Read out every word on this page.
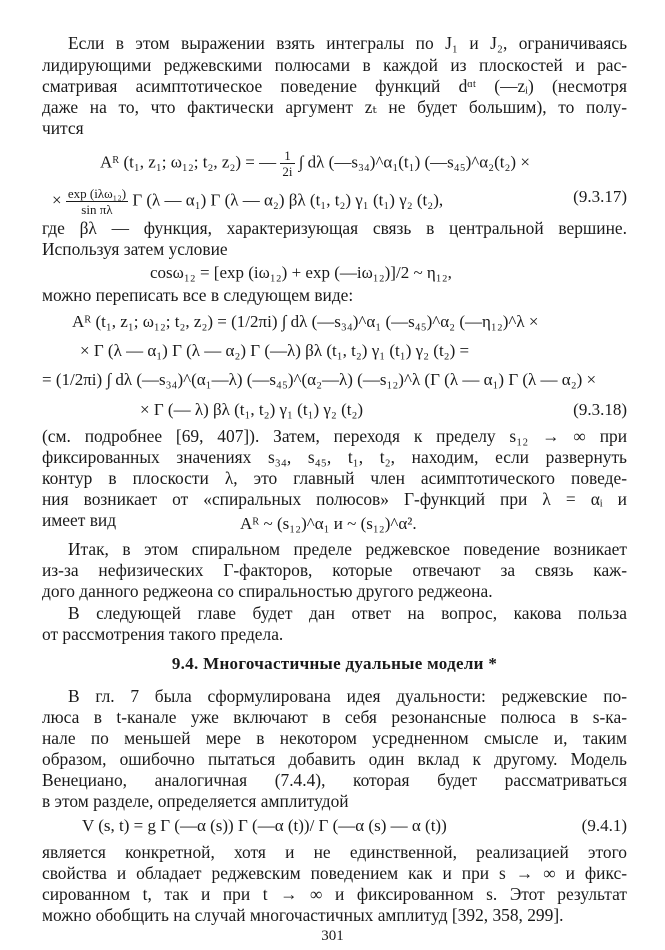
Если в этом выражении взять интегралы по J₁ и J₂, ограничиваясь
лидирующими реджевскими полюсами в каждой из плоскостей и рас-
сматривая асимптотическое поведение функций dᵅᵗ (—zᵢ) (несмотря
даже на то, что фактически аргумент zₜ не будет большим), то полу-
чится
Aᴿ (t₁, z₁; ω₁₂; t₂, z₂) = — $\frac{1}{2i}$ ∫ dλ (—s₃₄)^α₁(t₁) (—s₄₅)^α₂(t₂) ×
× $\frac{\text{exp (iλω₁₂)}}{\text{sin πλ}}$ Γ (λ — α₁) Γ (λ — α₂) βλ (t₁, t₂) γ₁ (t₁) γ₂ (t₂),	(9.3.17)
где βλ — функция, характеризующая связь в центральной вершине.
Используя затем условие
cosω₁₂ = [exp (iω₁₂) + exp (—iω₁₂)]/2 ~ η₁₂,
можно переписать все в следующем виде:
Aᴿ (t₁, z₁; ω₁₂; t₂, z₂) = (1/2πi) ∫ dλ (—s₃₄)^α₁ (—s₄₅)^α₂ (—η₁₂)^λ ×
× Γ (λ — α₁) Γ (λ — α₂) Γ (—λ) βλ (t₁, t₂) γ₁ (t₁) γ₂ (t₂) =
= (1/2πi) ∫ dλ (—s₃₄)^(α₁—λ) (—s₄₅)^(α₂—λ) (—s₁₂)^λ (Γ (λ — α₁) Γ (λ — α₂) ×
× Γ (— λ) βλ (t₁, t₂) γ₁ (t₁) γ₂ (t₂)	(9.3.18)
(см. подробнее [69, 407]). Затем, переходя к пределу s₁₂ → ∞ при
фиксированных значениях s₃₄, s₄₅, t₁, t₂, находим, если развернуть
контур в плоскости λ, это главный член асимптотического поведе-
ния возникает от «спиральных полюсов» Г-функций при λ = αᵢ и
имеет вид	Aᴿ ~ (s₁₂)^α₁ и ~ (s₁₂)^α².
Итак, в этом спиральном пределе реджевское поведение возникает
из-за нефизических Г-факторов, которые отвечают за связь каж-
дого данного реджеона со спиральностью другого реджеона.
В следующей главе будет дан ответ на вопрос, какова польза
от рассмотрения такого предела.
9.4. Многочастичные дуальные модели *
В гл. 7 была сформулирована идея дуальности: реджевские по-
люса в t-канале уже включают в себя резонансные полюса в s-ка-
нале по меньшей мере в некотором усредненном смысле и, таким
образом, ошибочно пытаться добавить один вклад к другому. Модель
Венециано, аналогичная (7.4.4), которая будет рассматриваться
в этом разделе, определяется амплитудой
V (s, t) = g Γ (—α (s)) Γ (—α (t))/ Γ (—α (s) — α (t))	(9.4.1)
является конкретной, хотя и не единственной, реализацией этого
свойства и обладает реджевским поведением как и при s → ∞ и фикс-
сированном t, так и при t → ∞ и фиксированном s. Этот результат
можно обобщить на случай многочастичных амплитуд [392, 358, 299].
301
